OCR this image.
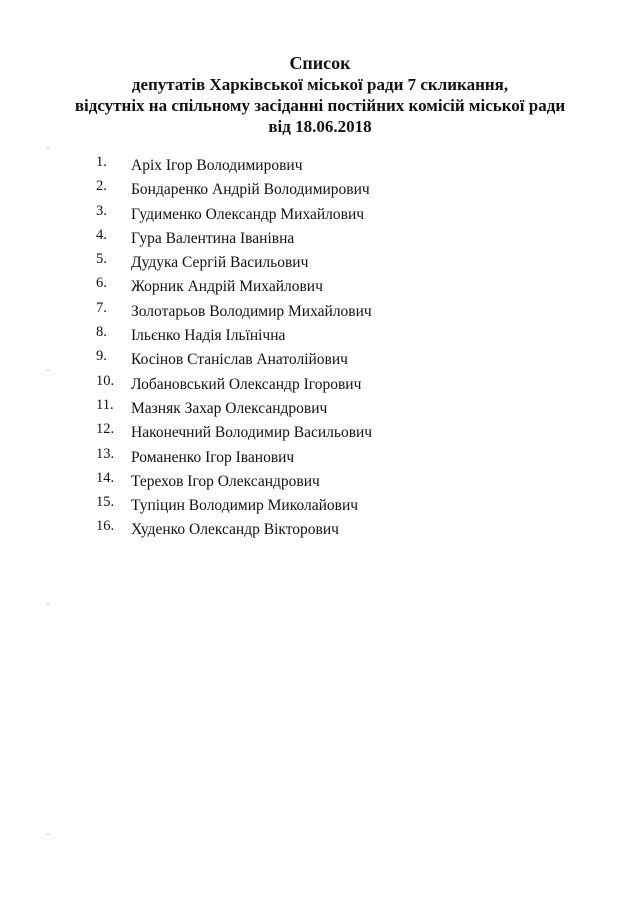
Список
депутатів Харківської міської ради 7 скликання,
відсутніх на спільному засіданні постійних комісій міської ради
від 18.06.2018
1. Аріх Ігор Володимирович
2. Бондаренко Андрій Володимирович
3. Гудименко Олександр Михайлович
4. Гура Валентина Іванівна
5. Дудука Сергій Васильович
6. Жорник Андрій Михайлович
7. Золотарьов Володимир Михайлович
8. Ільєнко Надія Ільїнічна
9. Косінов Станіслав Анатолійович
10. Лобановський Олександр Ігорович
11. Мазняк Захар Олександрович
12. Наконечний Володимир Васильович
13. Романенко Ігор Іванович
14. Терехов Ігор Олександрович
15. Тупіцин Володимир Миколайович
16. Худенко Олександр Вікторович
